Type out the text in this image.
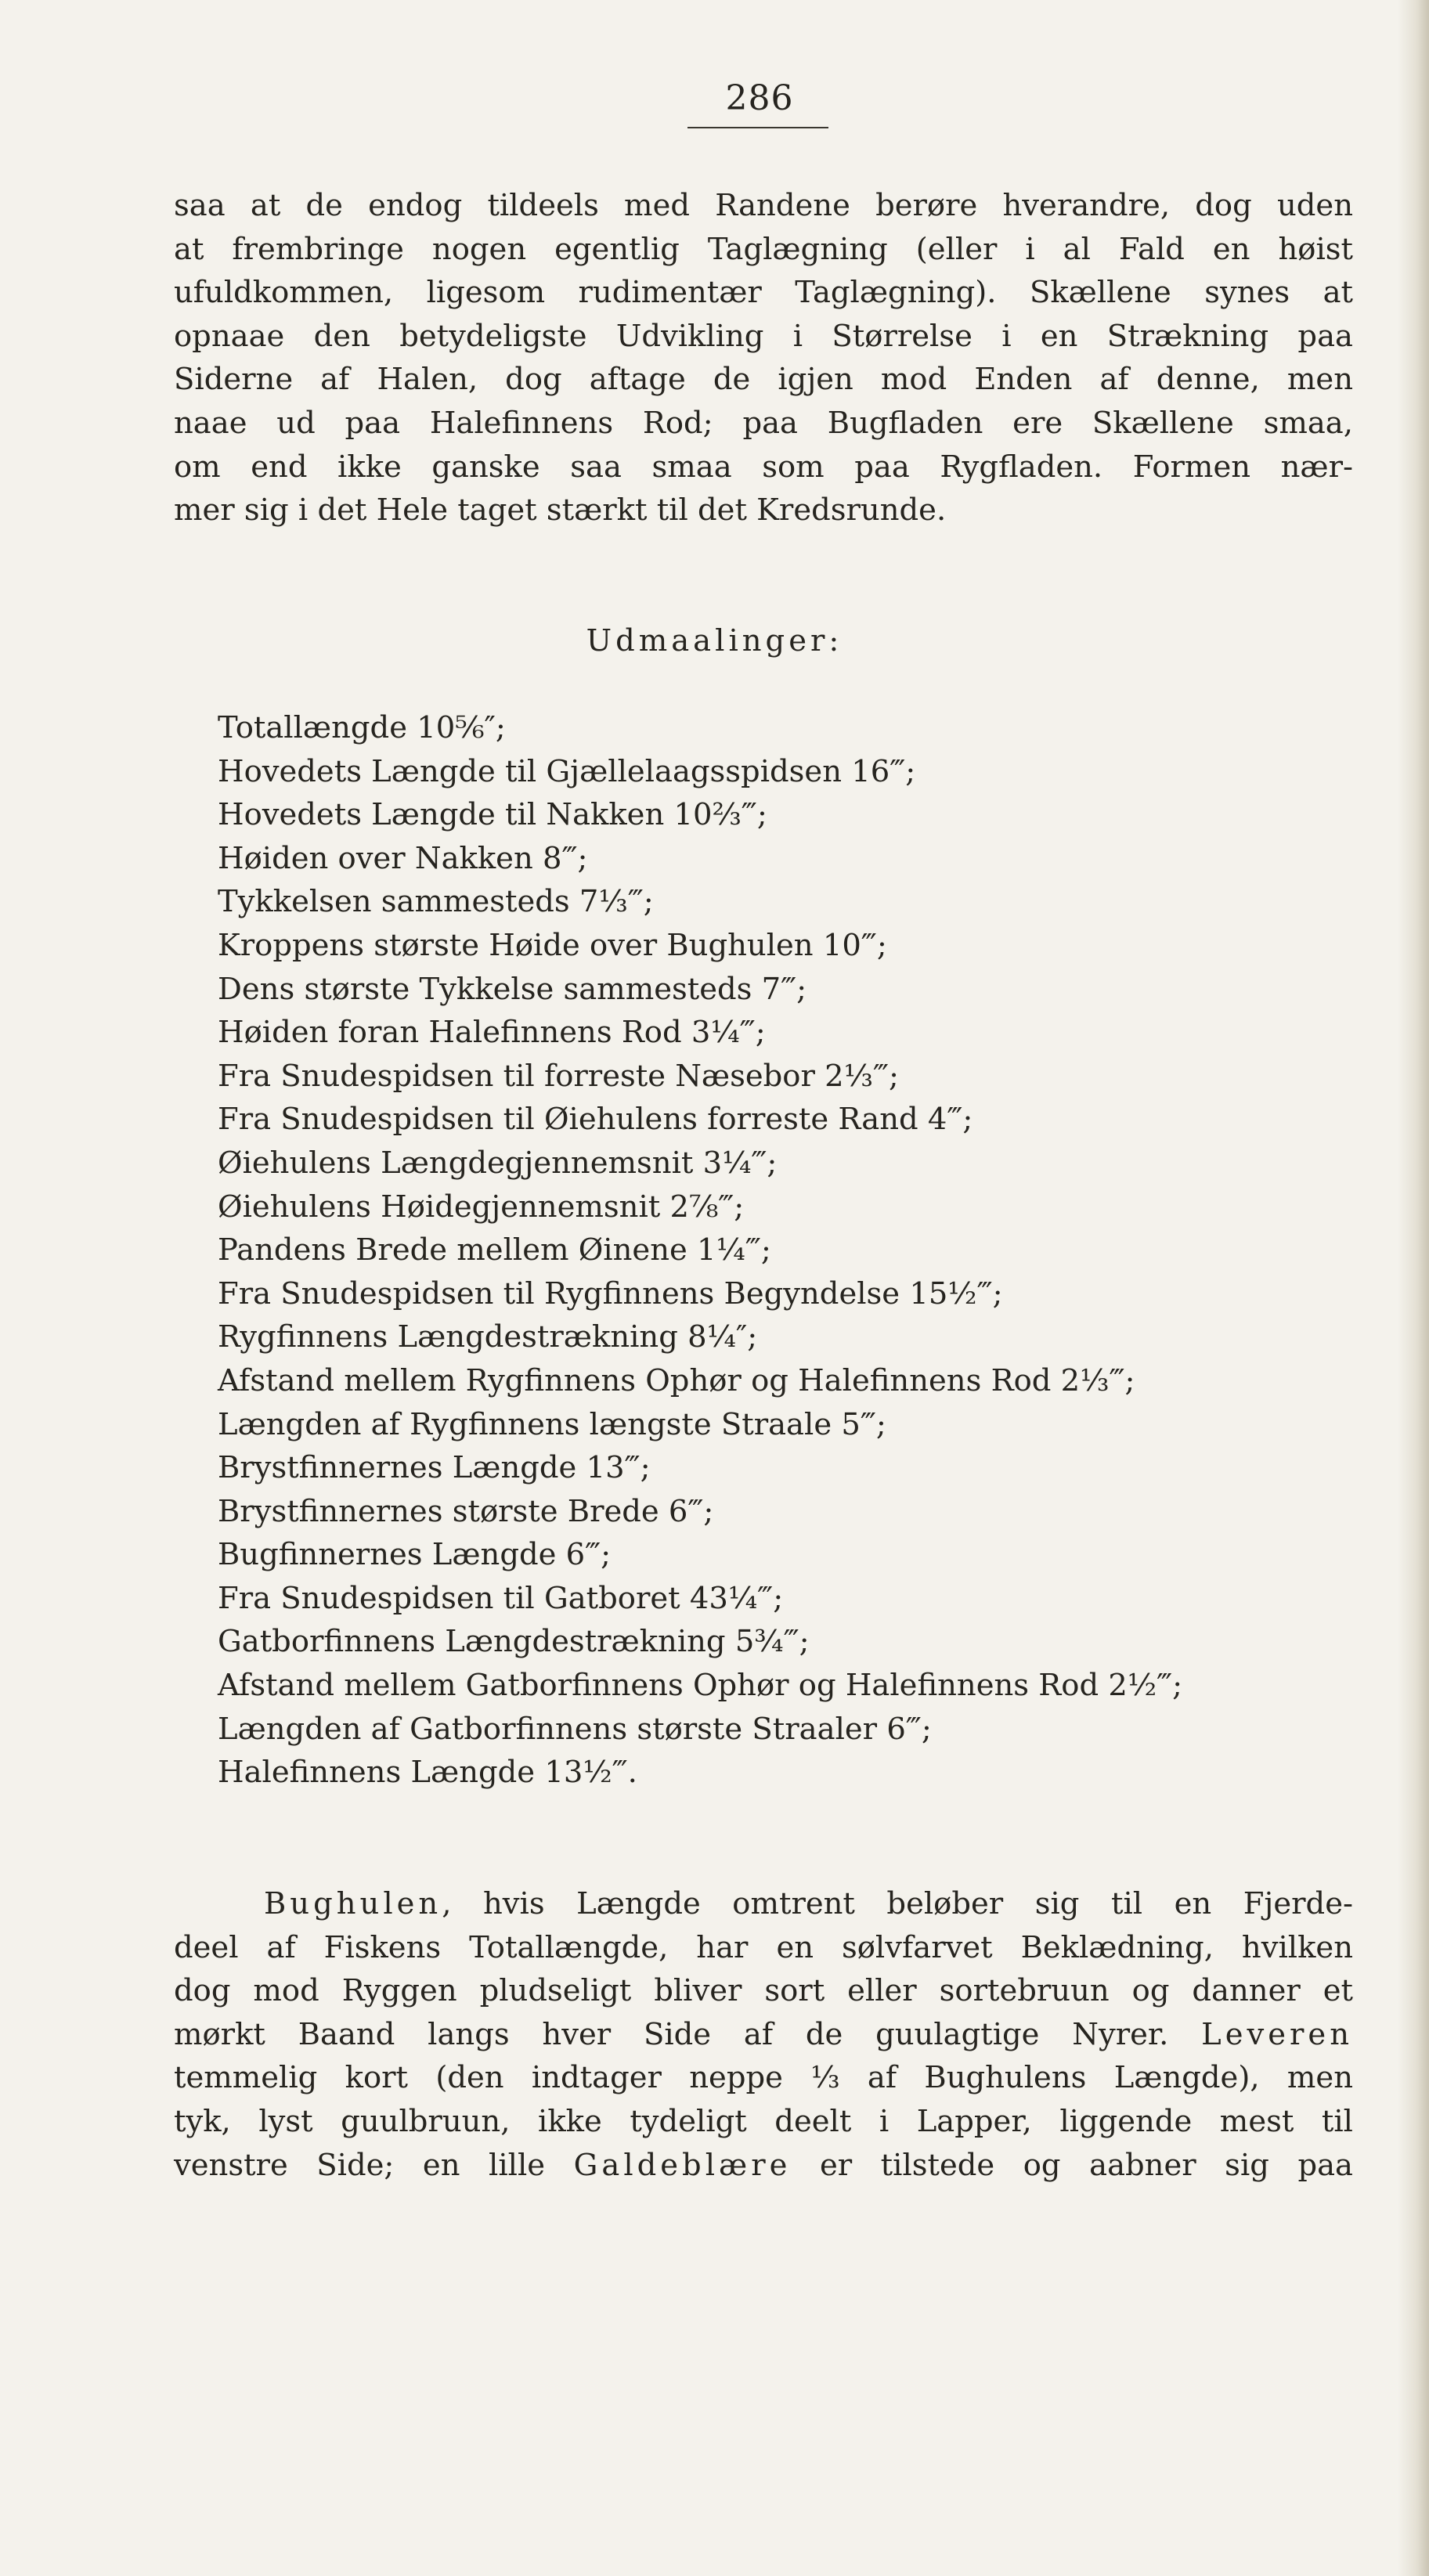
286

saa at de endog tildeels med Randene berøre hverandre, dog uden
at frembringe nogen egentlig Taglægning (eller i al Fald en høist
ufuldkommen, ligesom rudimentær Taglægning). Skællene synes at
opnaae den betydeligste Udvikling i Størrelse i en Strækning paa
Siderne af Halen, dog aftage de igjen mod Enden af denne, men
naae ud paa Halefinnens Rod; paa Bugfladen ere Skællene smaa,
om end ikke ganske saa smaa som paa Rygfladen. Formen nær-
mer sig i det Hele taget stærkt til det Kredsrunde.

Udmaalinger:
Totallængde 10⅚″;
Hovedets Længde til Gjællelaagsspidsen 16‴;
Hovedets Længde til Nakken 10⅔‴;
Høiden over Nakken 8‴;
Tykkelsen sammesteds 7⅓‴;
Kroppens største Høide over Bughulen 10‴;
Dens største Tykkelse sammesteds 7‴;
Høiden foran Halefinnens Rod 3¼‴;
Fra Snudespidsen til forreste Næsebor 2⅓‴;
Fra Snudespidsen til Øiehulens forreste Rand 4‴;
Øiehulens Længdegjennemsnit 3¼‴;
Øiehulens Høidegjennemsnit 2⅞‴;
Pandens Brede mellem Øinene 1¼‴;
Fra Snudespidsen til Rygfinnens Begyndelse 15½‴;
Rygfinnens Længdestrækning 8¼″;
Afstand mellem Rygfinnens Ophør og Halefinnens Rod 2⅓‴;
Længden af Rygfinnens længste Straale 5‴;
Brystfinnernes Længde 13‴;
Brystfinnernes største Brede 6‴;
Bugfinnernes Længde 6‴;
Fra Snudespidsen til Gatboret 43¼‴;
Gatborfinnens Længdestrækning 5¾‴;
Afstand mellem Gatborfinnens Ophør og Halefinnens Rod 2½‴;
Længden af Gatborfinnens største Straaler 6‴;
Halefinnens Længde 13½‴.

Bughulen, hvis Længde omtrent beløber sig til en Fjerde-
deel af Fiskens Totallængde, har en sølvfarvet Beklædning, hvilken
dog mod Ryggen pludseligt bliver sort eller sortebruun og danner et
mørkt Baand langs hver Side af de guulagtige Nyrer. Leveren
temmelig kort (den indtager neppe ⅓ af Bughulens Længde), men
tyk, lyst guulbruun, ikke tydeligt deelt i Lapper, liggende mest til
venstre Side; en lille Galdeblære er tilstede og aabner sig paa
